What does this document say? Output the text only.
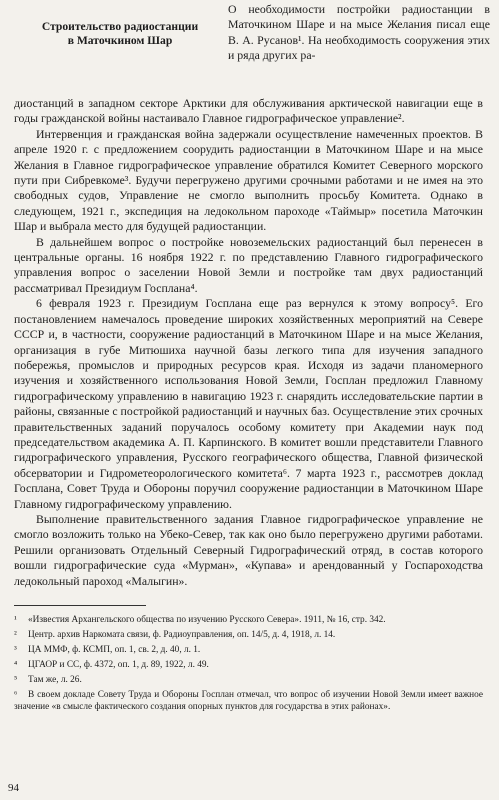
Строительство радиостанции
в Маточкином Шар
О необходимости постройки радиостанции в Маточкином Шаре и на мысе Желания писал еще В. А. Русанов¹. На необходимость сооружения этих и ряда других ра-

диостанций в западном секторе Арктики для обслуживания арктической навигации еще в годы гражданской войны настаивало Главное гидрографическое управление².

Интервенция и гражданская война задержали осуществление намеченных проектов. В апреле 1920 г. с предложением соорудить радиостанции в Маточкином Шаре и на мысе Желания в Главное гидрографическое управление обратился Комитет Северного морского пути при Сибревкоме³. Будучи перегружено другими срочными работами и не имея на это свободных судов, Управление не смогло выполнить просьбу Комитета. Однако в следующем, 1921 г., экспедиция на ледокольном пароходе «Таймыр» посетила Маточкин Шар и выбрала место для будущей радиостанции.

В дальнейшем вопрос о постройке новоземельских радиостанций был перенесен в центральные органы. 16 ноября 1922 г. по представлению Главного гидрографического управления вопрос о заселении Новой Земли и постройке там двух радиостанций рассматривал Президиум Госплана⁴.

6 февраля 1923 г. Президиум Госплана еще раз вернулся к этому вопросу⁵. Его постановлением намечалось проведение широких хозяйственных мероприятий на Севере СССР и, в частности, сооружение радиостанций в Маточкином Шаре и на мысе Желания, организация в губе Митюшиха научной базы легкого типа для изучения западного побережья, промыслов и природных ресурсов края. Исходя из задачи планомерного изучения и хозяйственного использования Новой Земли, Госплан предложил Главному гидрографическому управлению в навигацию 1923 г. снарядить исследовательские партии в районы, связанные с постройкой радиостанций и научных баз. Осуществление этих срочных правительственных заданий поручалось особому комитету при Академии наук под председательством академика А. П. Карпинского. В комитет вошли представители Главного гидрографического управления, Русского географического общества, Главной физической обсерватории и Гидрометеорологического комитета⁶. 7 марта 1923 г., рассмотрев доклад Госплана, Совет Труда и Обороны поручил сооружение радиостанции в Маточкином Шаре Главному гидрографическому управлению.

Выполнение правительственного задания Главное гидрографическое управление не смогло возложить только на Убеко-Север, так как оно было перегружено другими работами. Решили организовать Отдельный Северный Гидрографический отряд, в состав которого вошли гидрографические суда «Мурман», «Купава» и арендованный у Госпароходства ледокольный пароход «Малыгин».

¹ «Известия Архангельского общества по изучению Русского Севера». 1911, № 16, стр. 342.

² Центр. архив Наркомата связи, ф. Радиоуправления, оп. 14/5, д. 4, 1918, л. 14.

³ ЦА ММФ, ф. КСМП, оп. 1, св. 2, д. 40, л. 1.

⁴ ЦГАОР и СС, ф. 4372, оп. 1, д. 89, 1922, л. 49.

⁵ Там же, л. 26.

⁶ В своем докладе Совету Труда и Обороны Госплан отмечал, что вопрос об изучении Новой Земли имеет важное значение «в смысле фактического создания опорных пунктов для государства в этих районах».

94
